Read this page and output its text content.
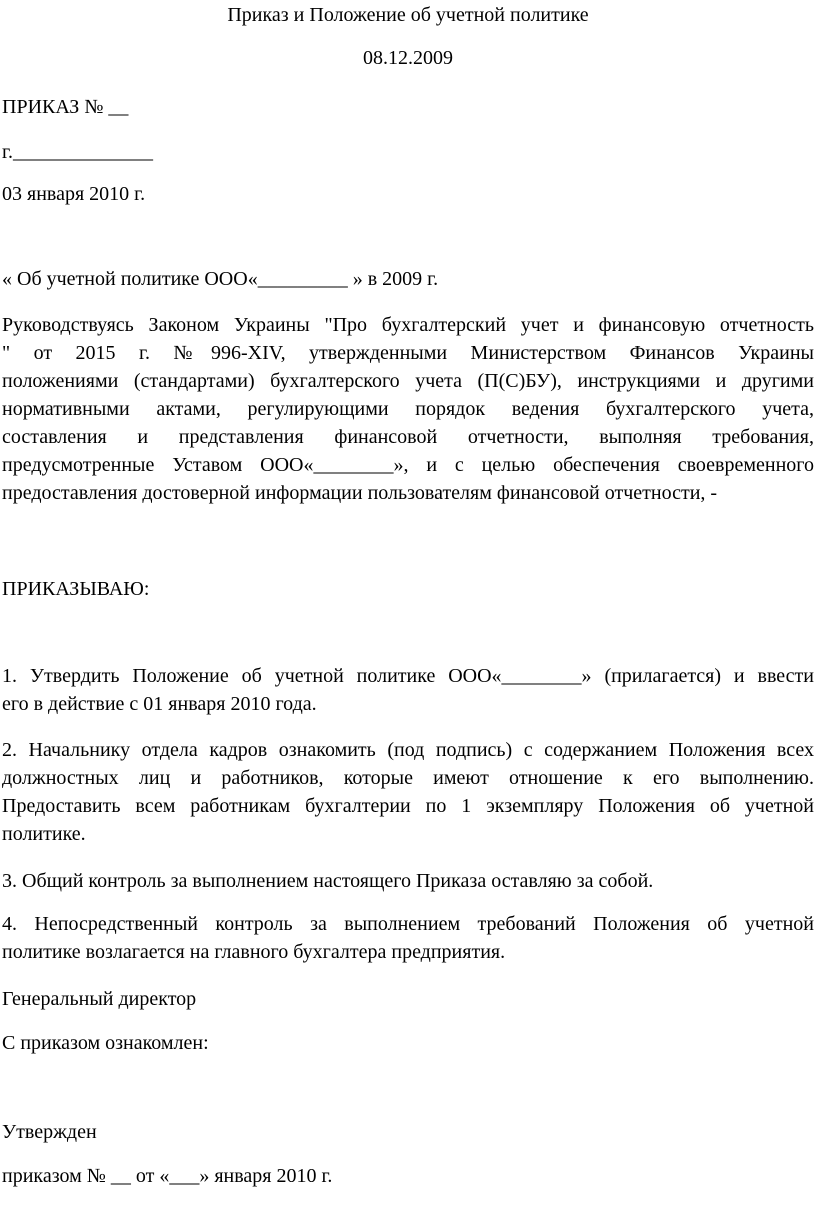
Приказ и Положение об учетной политике
08.12.2009
ПРИКАЗ № __
г.______________
03 января 2010 г.
« Об учетной политике ООО«_________ » в 2009 г.
Руководствуясь Законом Украины "Про бухгалтерский учет и финансовую отчетность
" от 2015 г. №996-XIV, утвержденными Министерством Финансов Украины
положениями (стандартами) бухгалтерского учета (П(С)БУ), инструкциями и другими
нормативными актами, регулирующими порядок ведения бухгалтерского учета,
составления и представления финансовой отчетности, выполняя требования,
предусмотренные Уставом ООО«________», и с целью обеспечения своевременного
предоставления достоверной информации пользователям финансовой отчетности, -
ПРИКАЗЫВАЮ:
1. Утвердить Положение об учетной политике ООО«________» (прилагается) и ввести
его в действие с 01 января 2010 года.
2. Начальнику отдела кадров ознакомить (под подпись) с содержанием Положения всех
должностных лиц и работников, которые имеют отношение к его выполнению.
Предоставить всем работникам бухгалтерии по 1 экземпляру Положения об учетной
политике.
3. Общий контроль за выполнением настоящего Приказа оставляю за собой.
4. Непосредственный контроль за выполнением требований Положения об учетной
политике возлагается на главного бухгалтера предприятия.
Генеральный директор
С приказом ознакомлен:
Утвержден
приказом № __ от «___» января 2010 г.
